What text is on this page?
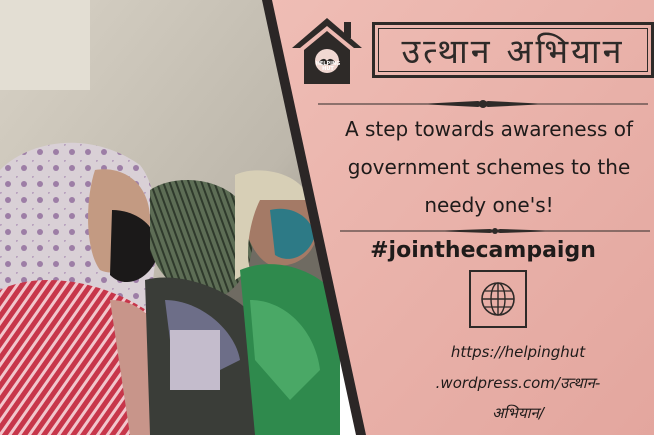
HELPING HUT उत्थान अभियान
A step towards awareness of
government schemes to the
needy one's!
#jointhecampaign
https://helpinghut
.wordpress.com/उत्थान-
अभियान/
